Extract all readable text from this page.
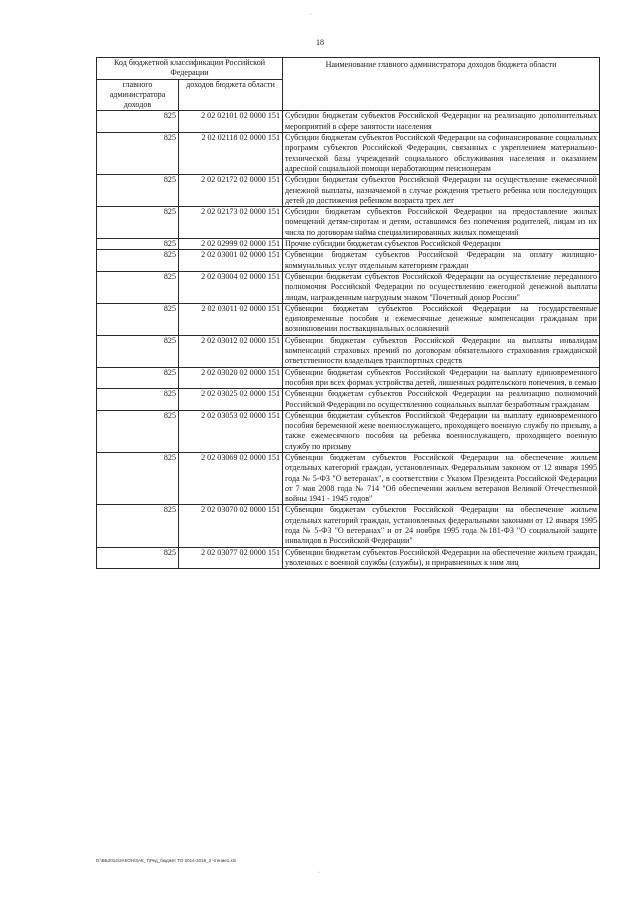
18
·
·
Код бюджетной классификации Российской Федерации		Наименование главного администратора доходов бюджета области
главного администратора доходов	доходов бюджета области	
825	2 02 02101 02 0000 151	Субсидии бюджетам субъектов Российской Федерации на реализацию дополнительных мероприятий в сфере занятости населения
825	2 02 02118 02 0000 151	Субсидии бюджетам субъектов Российской Федерации на софинансирование социальных программ субъектов Российской Федерации, связанных с укреплением материально-технической базы учреждений социального обслуживания населения и оказанием адресной социальной помощи неработающим пенсионерам
825	2 02 02172 02 0000 151	Субсидии бюджетам субъектов Российской Федерации на осуществление ежемесячной денежной выплаты, назначаемой в случае рождения третьего ребенка или последующих детей до достижения ребенком возраста трех лет
825	2 02 02173 02 0000 151	Субсидии бюджетам субъектов Российской Федерации на предоставление жилых помещений детям-сиротам и детям, оставшимся без попечения родителей, лицам из их числа по договорам найма специализированных жилых помещений
825	2 02 02999 02 0000 151	Прочие субсидии бюджетам субъектов Российской Федерации
825	2 02 03001 02 0000 151	Субвенции бюджетам субъектов Российской Федерации на оплату жилищно-коммунальных услуг отдельным категориям граждан
825	2 02 03004 02 0000 151	Субвенции бюджетам субъектов Российской Федерации на осуществление переданного полномочия Российской Федерации по осуществлению ежегодной денежной выплаты лицам, награжденным нагрудным знаком "Почетный донор России"
825	2 02 03011 02 0000 151	Субвенции бюджетам субъектов Российской Федерации на государственные единовременные пособия и ежемесячные денежные компенсации гражданам при возникновении поствакцинальных осложнений
825	2 02 03012 02 0000 151	Субвенции бюджетам субъектов Российской Федерации на выплаты инвалидам компенсаций страховых премий по договорам обязательного страхования гражданской ответственности владельцев транспортных средств
825	2 02 03020 02 0000 151	Субвенции бюджетам субъектов Российской Федерации на выплату единовременного пособия при всех формах устройства детей, лишенных родительского попечения, в семью
825	2 02 03025 02 0000 151	Субвенции бюджетам субъектов Российской Федерации на реализацию полномочий Российской Федерации по осуществлению социальных выплат безработным гражданам
825	2 02 03053 02 0000 151	Субвенции бюджетам субъектов Российской Федерации на выплату единовременного пособия беременной жене военнослужащего, проходящего военную службу по призыву, а также ежемесячного пособия на ребенка военнослужащего, проходящего военную службу по призыву
825	2 02 03069 02 0000 151	Субвенции бюджетам субъектов Российской Федерации на обеспечение жильем отдельных категорий граждан, установленных Федеральным законом от 12 января 1995 года № 5-ФЗ "О ветеранах", в соответствии с Указом Президента Российской Федерации от 7 мая 2008 года № 714 "Об обеспечении жильем ветеранов Великой Отечественной войны 1941 - 1945 годов"
825	2 02 03070 02 0000 151	Субвенции бюджетам субъектов Российской Федерации на обеспечение жильем отдельных категорий граждан, установленных федеральными законами от 12 января 1995 года № 5-ФЗ "О ветеранах" и от 24 ноября 1995 года №181-ФЗ "О социальной защите инвалидов в Российской Федерации"
825	2 02 03077 02 0000 151	Субвенции бюджетам субъектов Российской Федерации на обеспечение жильем граждан, уволенных с военной службы (службы), и приравненных к ним лиц
D:\ВБ2014\ЗАКОН\ЗАК_7\Ред_бюджет ТО 2014-2016_2 чтение1.xls
